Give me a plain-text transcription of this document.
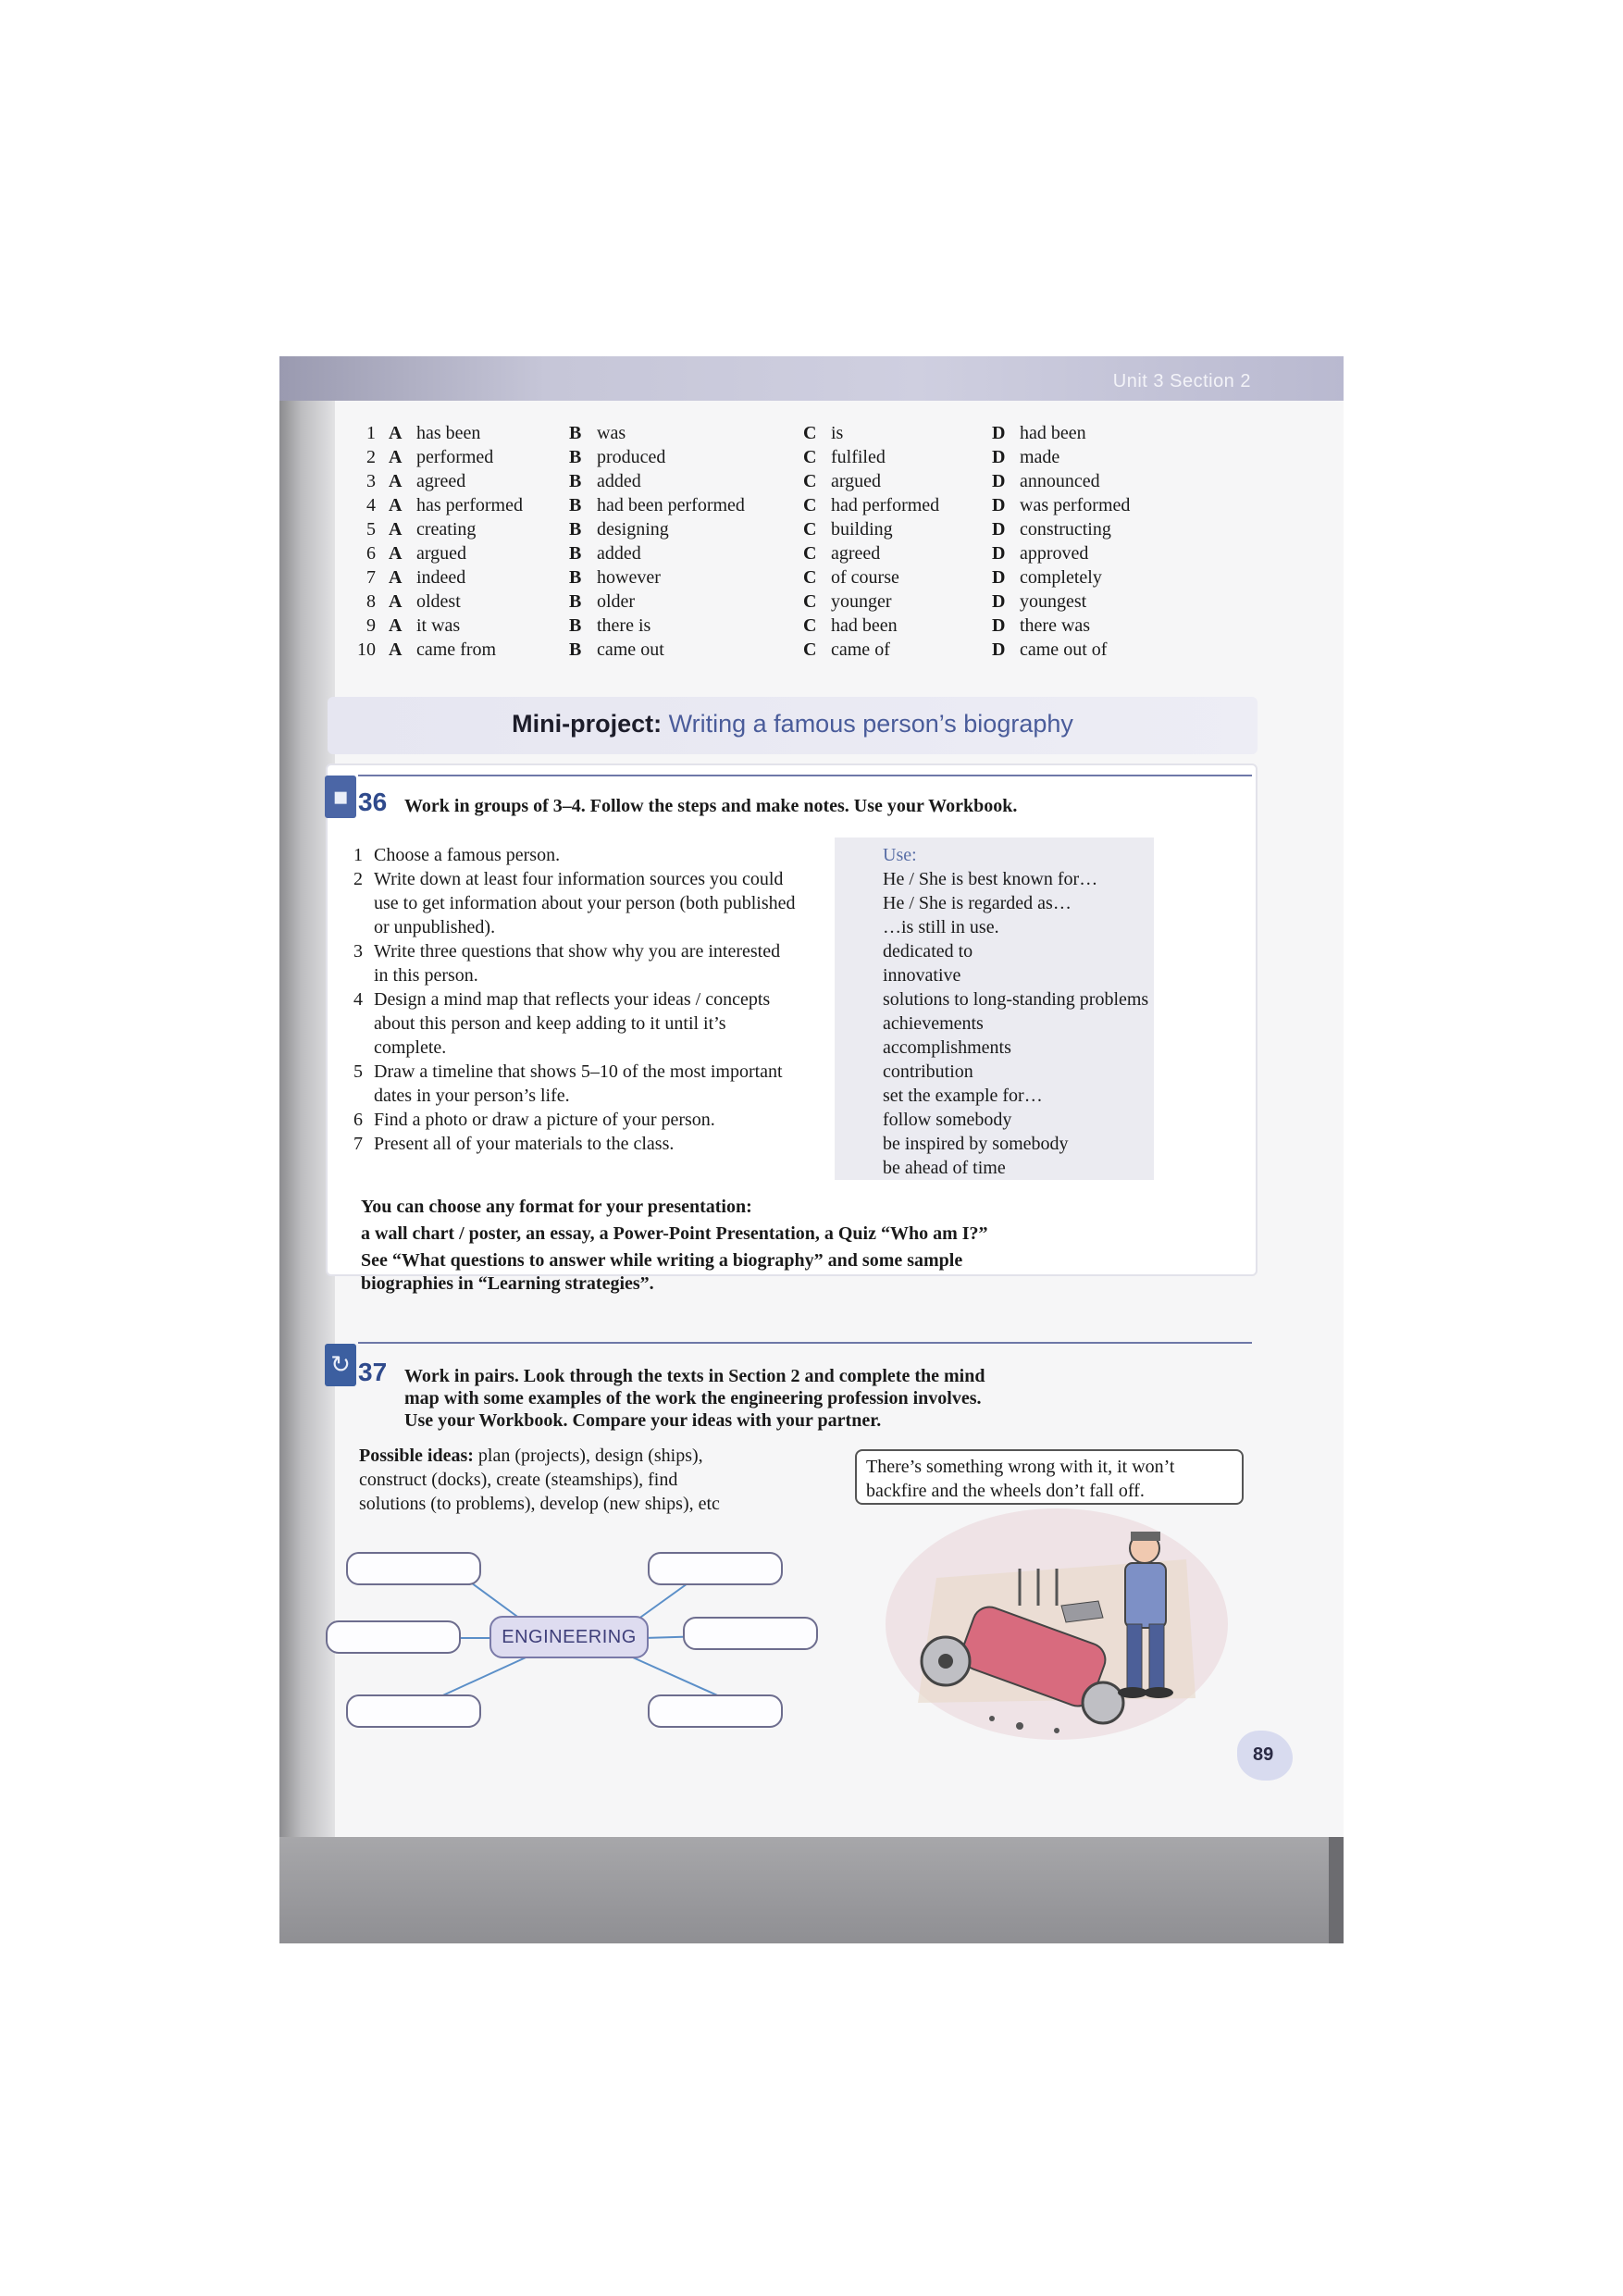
Unit 3 Section 2
1 A has been	B was	C is	D had been
2 A performed	B produced	C fulfiled	D made
3 A agreed	B added	C argued	D announced
4 A has performed	B had been performed	C had performed	D was performed
5 A creating	B designing	C building	D constructing
6 A argued	B added	C agreed	D approved
7 A indeed	B however	C of course	D completely
8 A oldest	B older	C younger	D youngest
9 A it was	B there is	C had been	D there was
10 A came from	B came out	C came of	D came out of
Mini-project: Writing a famous person’s biography
▪ 36 Work in groups of 3–4. Follow the steps and make notes. Use your Workbook.
1 Choose a famous person.
2 Write down at least four information sources you could use to get information about your person (both published or unpublished).
3 Write three questions that show why you are interested in this person.
4 Design a mind map that reflects your ideas / concepts about this person and keep adding to it until it’s complete.
5 Draw a timeline that shows 5–10 of the most important dates in your person’s life.
6 Find a photo or draw a picture of your person.
7 Present all of your materials to the class.
Use:
He / She is best known for…
He / She is regarded as…
…is still in use.
dedicated to
innovative
solutions to long-standing problems
achievements
accomplishments
contribution
set the example for…
follow somebody
be inspired by somebody
be ahead of time
You can choose any format for your presentation:
a wall chart / poster, an essay, a Power-Point Presentation, a Quiz “Who am I?”
See “What questions to answer while writing a biography” and some sample
biographies in “Learning strategies”.
↻ 37 Work in pairs. Look through the texts in Section 2 and complete the mind
map with some examples of the work the engineering profession involves.
Use your Workbook. Compare your ideas with your partner.
Possible ideas: plan (projects), design (ships),
construct (docks), create (steamships), find
solutions (to problems), develop (new ships), etc
ENGINEERING
There’s something wrong with it, it won’t
backfire and the wheels don’t fall off.
89
